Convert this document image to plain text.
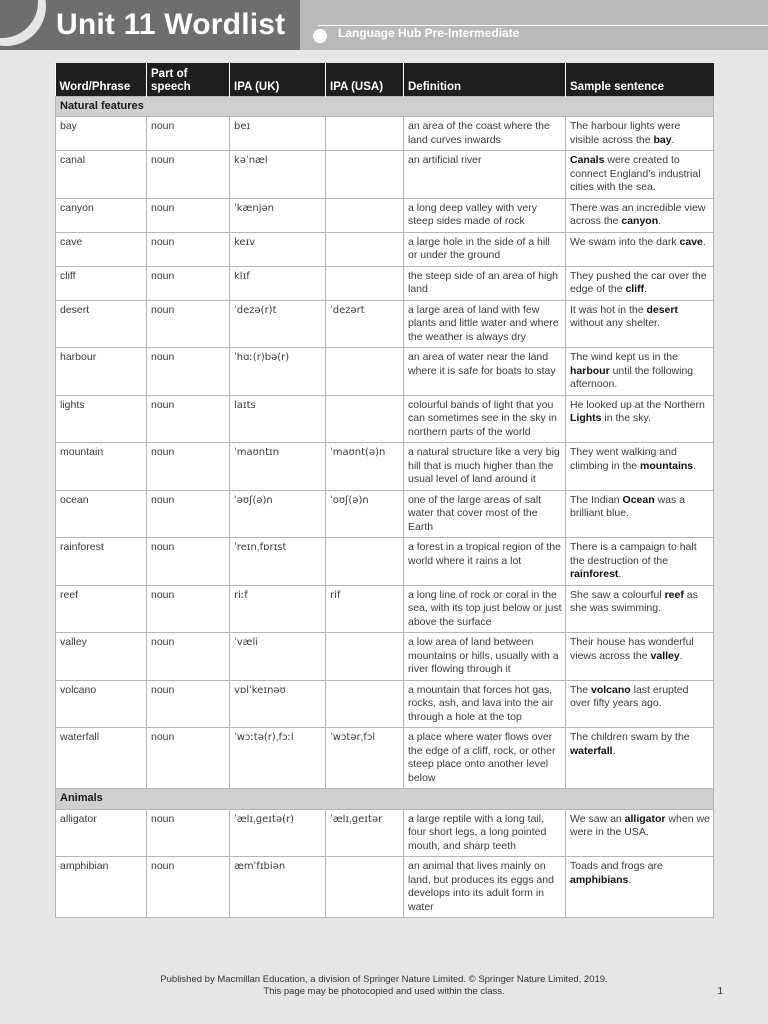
Unit 11 Wordlist	Language Hub Pre-Intermediate
Word/Phrase	Part of speech	IPA (UK)	IPA (USA)	Definition	Sample sentence
Natural features					
bay	noun	beɪ		an area of the coast where the land curves inwards	The harbour lights were visible across the bay.
canal	noun	kəˈnæl		an artificial river	Canals were created to connect England’s industrial cities with the sea.
canyon	noun	ˈkænjən		a long deep valley with very steep sides made of rock	There was an incredible view across the canyon.
cave	noun	keɪv		a large hole in the side of a hill or under the ground	We swam into the dark cave.
cliff	noun	klɪf		the steep side of an area of high land	They pushed the car over the edge of the cliff.
desert	noun	ˈdezə(r)t	ˈdezərt	a large area of land with few plants and little water and where the weather is always dry	It was hot in the desert without any shelter.
harbour	noun	ˈhɑː(r)bə(r)		an area of water near the land where it is safe for boats to stay	The wind kept us in the harbour until the following afternoon.
lights	noun	laɪts		colourful bands of light that you can sometimes see in the sky in northern parts of the world	He looked up at the Northern Lights in the sky.
mountain	noun	ˈmaʊntɪn	ˈmaʊnt(ə)n	a natural structure like a very big hill that is much higher than the usual level of land around it	They went walking and climbing in the mountains.
ocean	noun	ˈəʊʃ(ə)n	ˈoʊʃ(ə)n	one of the large areas of salt water that cover most of the Earth	The Indian Ocean was a brilliant blue.
rainforest	noun	ˈreɪnˌfɒrɪst		a forest in a tropical region of the world where it rains a lot	There is a campaign to halt the destruction of the rainforest.
reef	noun	riːf	rif	a long line of rock or coral in the sea, with its top just below or just above the surface	She saw a colourful reef as she was swimming.
valley	noun	ˈvæli		a low area of land between mountains or hills, usually with a river flowing through it	Their house has wonderful views across the valley.
volcano	noun	vɒlˈkeɪnəʊ		a mountain that forces hot gas, rocks, ash, and lava into the air through a hole at the top	The volcano last erupted over fifty years ago.
waterfall	noun	ˈwɔːtə(r)ˌfɔːl	ˈwɔtərˌfɔl	a place where water flows over the edge of a cliff, rock, or other steep place onto another level below	The children swam by the waterfall.
Animals					
alligator	noun	ˈælɪˌɡeɪtə(r)	ˈælɪˌɡeɪtər	a large reptile with a long tail, four short legs, a long pointed mouth, and sharp teeth	We saw an alligator when we were in the USA.
amphibian	noun	æmˈfɪbiən		an animal that lives mainly on land, but produces its eggs and develops into its adult form in water	Toads and frogs are amphibians.
Published by Macmillan Education, a division of Springer Nature Limited. © Springer Nature Limited, 2019.
This page may be photocopied and used within the class.	1
